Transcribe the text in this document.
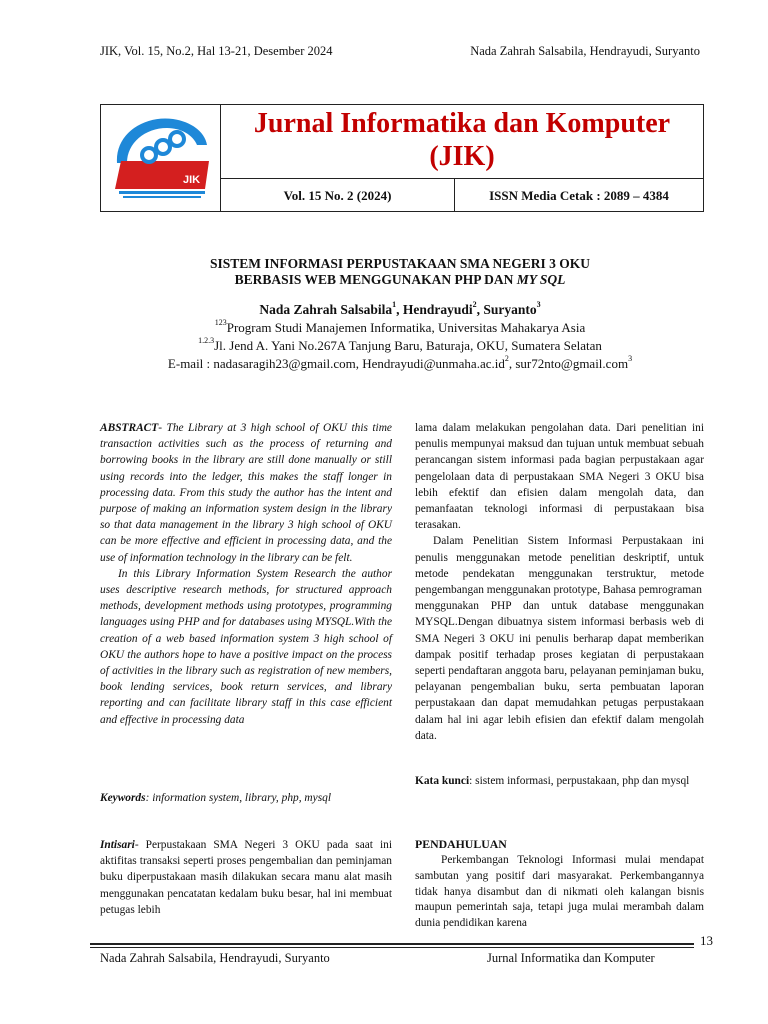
JIK, Vol. 15, No.2, Hal 13-21, Desember 2024	Nada Zahrah Salsabila, Hendrayudi, Suryanto
JIK
Jurnal Informatika dan Komputer
(JIK)
Vol. 15 No. 2 (2024)	ISSN Media Cetak : 2089 – 4384
SISTEM INFORMASI PERPUSTAKAAN SMA NEGERI 3 OKU
BERBASIS WEB MENGGUNAKAN PHP DAN MY SQL
Nada Zahrah Salsabila$^1$, Hendrayudi$^2$, Suryanto$^3$
$^{123}$Program Studi Manajemen Informatika, Universitas Mahakarya Asia
$^{1.2.3}$Jl. Jend A. Yani No.267A Tanjung Baru, Baturaja, OKU, Sumatera Selatan
E-mail : nadasaragih23@gmail.com, $Hendrayudi@unmaha.ac.id^2$, sur72nto@gmail.com$^3$

ABSTRACT- The Library at 3 high school of OKU this time transaction activities such as the process of returning and borrowing books in the library are still done manually or still using records into the ledger, this makes the staff longer in processing data. From this study the author has the intent and purpose of making an information system design in the library so that data management in the library 3 high school of OKU can be more effective and efficient in processing data, and the use of information technology in the library can be felt.

In this Library Information System Research the author uses descriptive research methods, for structured approach methods, development methods using prototypes, programming languages using PHP and for databases using MYSQL.With the creation of a web based information system 3 high school of OKU the authors hope to have a positive impact on the process of activities in the library such as registration of new members, book lending services, book return services, and library reporting and can facilitate library staff in this case efficient and effective in processing data

Keywords: information system, library, php, mysql
Intisari- Perpustakaan SMA Negeri 3 OKU pada saat ini aktifitas transaksi seperti proses pengembalian dan peminjaman buku diperpustakaan masih dilakukan secara manu alat masih menggunakan pencatatan kedalam buku besar, hal ini membuat petugas lebih

lama dalam melakukan pengolahan data. Dari penelitian ini penulis mempunyai maksud dan tujuan untuk membuat sebuah perancangan sistem informasi pada bagian perpustakaan agar pengelolaan data di perpustakaan SMA Negeri 3 OKU bisa lebih efektif dan efisien dalam mengolah data, dan pemanfaatan teknologi informasi di perpustakaan bisa terasakan.

Dalam Penelitian Sistem Informasi Perpustakaan ini penulis menggunakan metode penelitian deskriptif, untuk metode pendekatan menggunakan terstruktur, metode pengembangan menggunakan prototype, Bahasa pemrograman

menggunakan PHP dan untuk database menggunakan MYSQL.Dengan dibuatnya sistem informasi berbasis web di SMA Negeri 3 OKU ini penulis berharap dapat memberikan dampak positif terhadap proses kegiatan di perpustakaan seperti pendaftaran anggota baru, pelayanan peminjaman buku, pelayanan pengembalian buku, serta pembuatan laporan perpustakaan dan dapat memudahkan petugas perpustakaan dalam hal ini agar lebih efisien dan efektif dalam mengolah data.

Kata kunci: sistem informasi, perpustakaan, php dan mysql
PENDAHULUAN
Perkembangan Teknologi Informasi mulai mendapat sambutan yang positif dari masyarakat. Perkembangannya tidak hanya disambut dan di nikmati oleh kalangan bisnis maupun pemerintah saja, tetapi juga mulai merambah dalam dunia pendidikan karena
13
Nada Zahrah Salsabila, Hendrayudi, Suryanto	Jurnal Informatika dan Komputer
